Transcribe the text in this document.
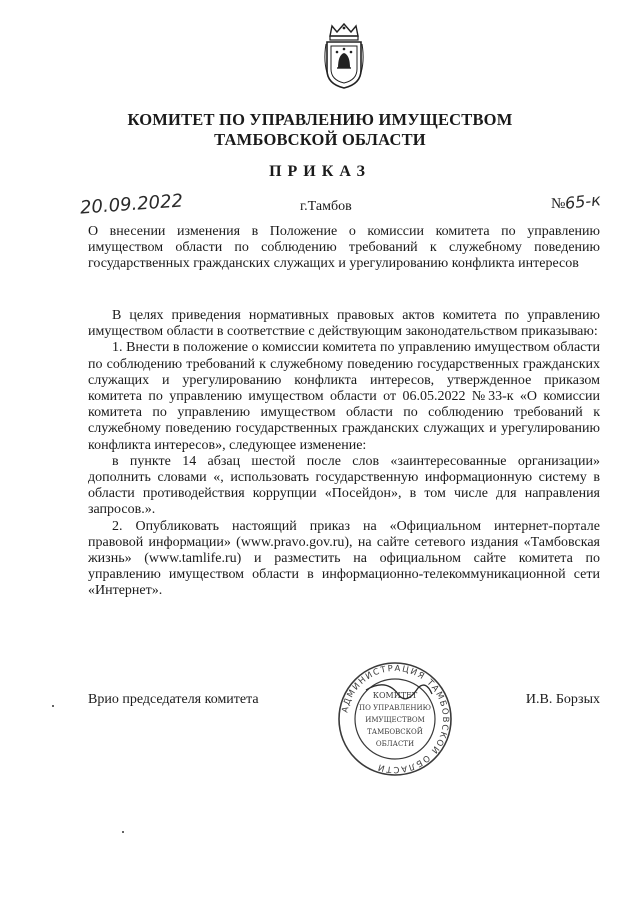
КОМИТЕТ ПО УПРАВЛЕНИЮ ИМУЩЕСТВОМ
ТАМБОВСКОЙ ОБЛАСТИ
ПРИКАЗ
20.09.2022	г.Тамбов	№
65-к
О внесении изменения в Положение о комиссии комитета по управлению имуществом области по соблюдению требований к служебному поведению государственных гражданских служащих и урегулированию конфликта интересов

В целях приведения нормативных правовых актов комитета по управлению имуществом области в соответствие с действующим законодательством приказываю:

1. Внести в положение о комиссии комитета по управлению имуществом области по соблюдению требований к служебному поведению государственных гражданских служащих и урегулированию конфликта интересов, утвержденное приказом комитета по управлению имуществом области от 06.05.2022 №33-к «О комиссии комитета по управлению имуществом области по соблюдению требований к служебному поведению государственных гражданских служащих и урегулированию конфликта интересов», следующее изменение:

в пункте 14 абзац шестой после слов «заинтересованные организации» дополнить словами «, использовать государственную информационную систему в области противодействия коррупции «Посейдон», в том числе для направления запросов.».

2. Опубликовать настоящий приказ на «Официальном интернет-портале правовой информации» (www.pravo.gov.ru), на сайте сетевого издания «Тамбовская жизнь» (www.tamlife.ru) и разместить на официальном сайте комитета по управлению имуществом области в информационно-телекоммуникационной сети «Интернет».

АДМИНИСТРАЦИЯ ТАМБОВСКОЙ ОБЛАСТИ
КОМИТЕТ
ПО УПРАВЛЕНИЮ
ИМУЩЕСТВОМ
ТАМБОВСКОЙ
ОБЛАСТИ
Врио председателя комитета	И.В. Борзых
